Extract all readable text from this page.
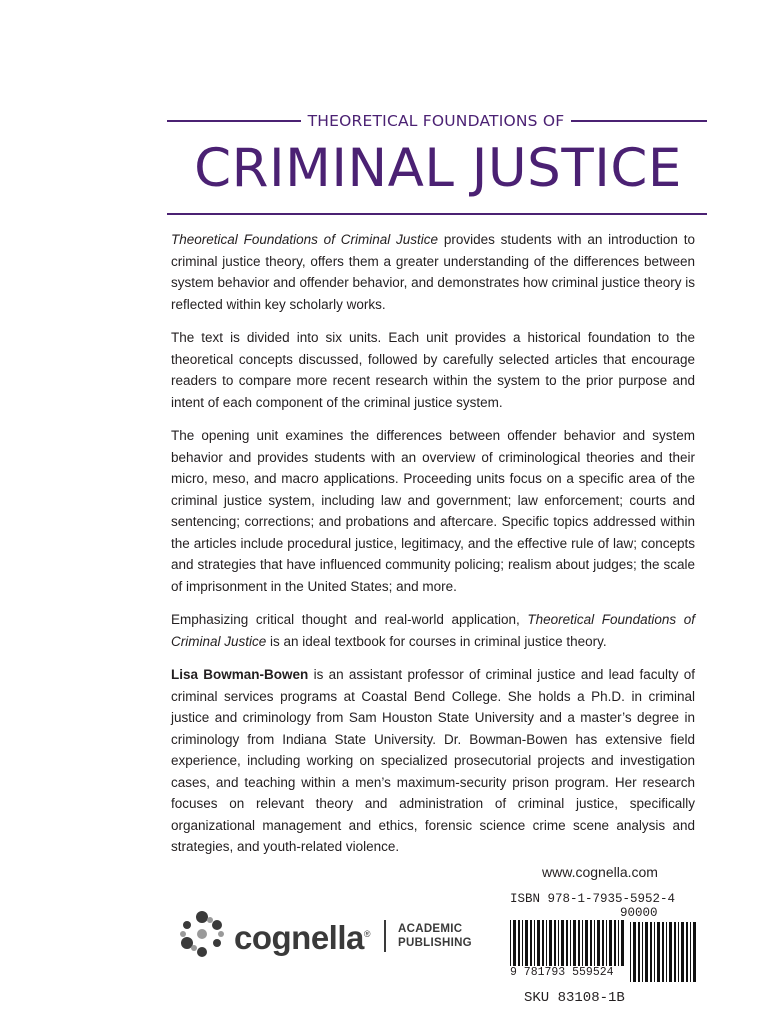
THEORETICAL FOUNDATIONS OF
CRIMINAL JUSTICE

Theoretical Foundations of Criminal Justice provides students with an introduction to criminal justice theory, offers them a greater understanding of the differences between system behavior and offender behavior, and demonstrates how criminal justice theory is reflected within key scholarly works.

The text is divided into six units. Each unit provides a historical foundation to the theoretical concepts discussed, followed by carefully selected articles that encourage readers to compare more recent research within the system to the prior purpose and intent of each component of the criminal justice system.

The opening unit examines the differences between offender behavior and system behavior and provides students with an overview of criminological theories and their micro, meso, and macro applications. Proceeding units focus on a specific area of the criminal justice system, including law and government; law enforcement; courts and sentencing; corrections; and probations and aftercare. Specific topics addressed within the articles include procedural justice, legitimacy, and the effective rule of law; concepts and strategies that have influenced community policing; realism about judges; the scale of imprisonment in the United States; and more.

Emphasizing critical thought and real-world application, Theoretical Foundations of Criminal Justice is an ideal textbook for courses in criminal justice theory.

Lisa Bowman-Bowen is an assistant professor of criminal justice and lead faculty of criminal services programs at Coastal Bend College. She holds a Ph.D. in criminal justice and criminology from Sam Houston State University and a master’s degree in criminology from Indiana State University. Dr. Bowman-Bowen has extensive field experience, including working on specialized prosecutorial projects and investigation cases, and teaching within a men’s maximum-security prison program. Her research focuses on relevant theory and administration of criminal justice, specifically organizational management and ethics, forensic science crime scene analysis and strategies, and youth-related violence.

www.cognella.com
cognella® ACADEMIC
PUBLISHING
ISBN 978-1-7935-5952-4
90000
9 781793 559524
SKU 83108-1B
